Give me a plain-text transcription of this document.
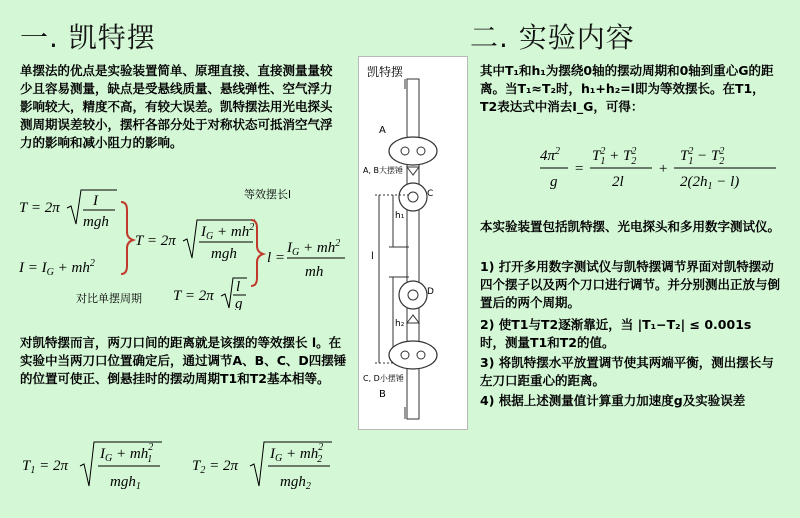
一. 凯特摆
单摆法的优点是实验装置简单、原理直接、直接测量量较少且容易测量，缺点是受悬线质量、悬线弹性、空气浮力影响较大，精度不高，有较大误差。凯特摆法用光电探头测周期误差较小，摆杆各部分处于对称状态可抵消空气浮力的影响和减小阻力的影响。
T = 2π I
mgh
$I = I_G + mh^2$
T = 2π
$I_G + mh^2$
mgh l =
$I_G + mh^2$
mh
T = 2π
l
g
等效摆长l
对比单摆周期
对凯特摆而言，两刀口间的距离就是该摆的等效摆长 l。在实验中当两刀口位置确定后，通过调节A、B、C、D四摆锤的位置可使正、倒悬挂时的摆动周期T1和T2基本相等。
$T_1 = 2\pi$
$I_G + mh^2$ 1
mgh$_1$
$T_2 = 2\pi$
$I_G + mh^2$ 2
mgh$_2$
凯特摆
A
A, B大摆锤
C
h₁
l
h₂
D
C, D小摆锤
B
二. 实验内容
其中T₁和h₁为摆绕0轴的摆动周期和0轴到重心G的距离。当T₁≈T₂时，h₁+h₂=l即为等效摆长。在T1，T2表达式中消去I_G，可得：
$4\pi^2$
g
=
$T^2$ $1 + T^2$ 2
2l
+
$T^2$ $1 - T^2$ 2
$2(2h_1 - l)$
本实验装置包括凯特摆、光电探头和多用数字测试仪。
1) 打开多用数字测试仪与凯特摆调节界面对凯特摆动四个摆子以及两个刀口进行调节。并分别测出正放与倒置后的两个周期。
2) 使T1与T2逐渐靠近，当 |T₁−T₂| ≤ 0.001s 时，测量T1和T2的值。
3) 将凯特摆水平放置调节使其两端平衡，测出摆长与左刀口距重心的距离。
4) 根据上述测量值计算重力加速度g及实验误差
